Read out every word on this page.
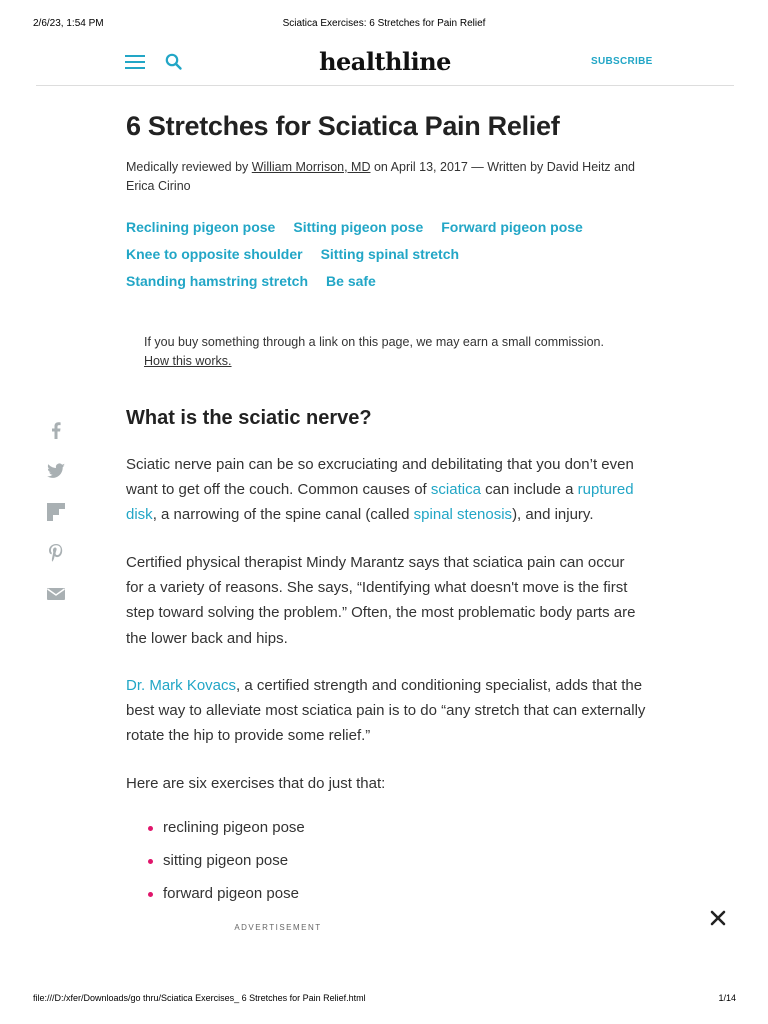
2/6/23, 1:54 PM	Sciatica Exercises: 6 Stretches for Pain Relief
healthline	SUBSCRIBE
6 Stretches for Sciatica Pain Relief

Medically reviewed by William Morrison, MD on April 13, 2017 — Written by David Heitz and Erica Cirino

Reclining pigeon pose Sitting pigeon pose Forward pigeon pose
Knee to opposite shoulder Sitting spinal stretch
Standing hamstring stretch Be safe

If you buy something through a link on this page, we may earn a small commission.
How this works.

What is the sciatic nerve?

Sciatic nerve pain can be so excruciating and debilitating that you don’t even want to get off the couch. Common causes of sciatica can include a ruptured disk, a narrowing of the spine canal (called spinal stenosis), and injury.

Certified physical therapist Mindy Marantz says that sciatica pain can occur for a variety of reasons. She says, “Identifying what doesn't move is the first step toward solving the problem.” Often, the most problematic body parts are the lower back and hips.

Dr. Mark Kovacs, a certified strength and conditioning specialist, adds that the best way to alleviate most sciatica pain is to do “any stretch that can externally rotate the hip to provide some relief.”

Here are six exercises that do just that:

reclining pigeon pose
sitting pigeon pose
forward pigeon pose
ADVERTISEMENT
file:///D:/xfer/Downloads/go thru/Sciatica Exercises_ 6 Stretches for Pain Relief.html	1/14
